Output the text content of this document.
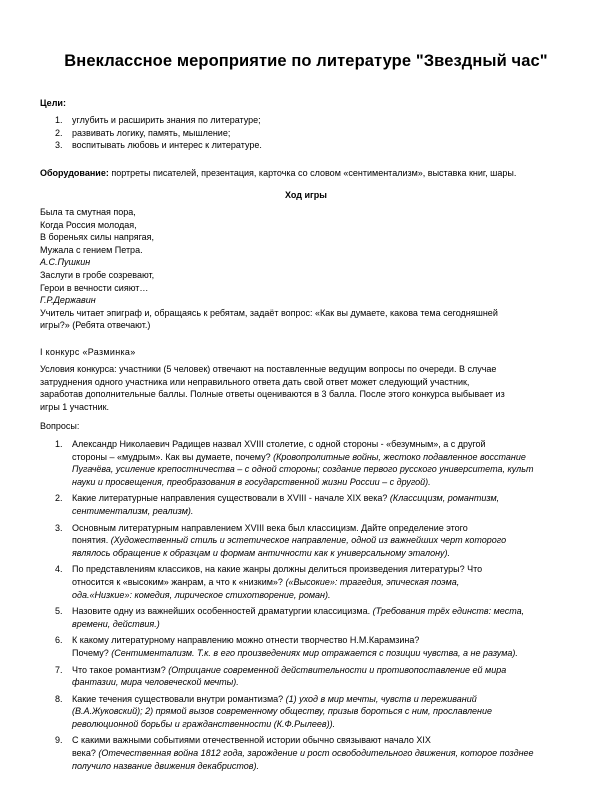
Внеклассное мероприятие по литературе "Звездный час"
Цели:
1. углубить и расширить знания по литературе;
2. развивать логику, память, мышление;
3. воспитывать любовь и интерес к литературе.
Оборудование: портреты писателей, презентация, карточка со словом «сентиментализм», выставка книг, шары.
Ход игры
Была та смутная пора,
Когда Россия молодая,
В бореньях силы напрягая,
Мужала с гением Петра.
А.С.Пушкин
Заслуги в гробе созревают,
Герои в вечности сияют…
Г.Р.Державин
Учитель читает эпиграф и, обращаясь к ребятам, задаёт вопрос: «Как вы думаете, какова тема сегодняшней
игры?» (Ребята отвечают.)
I конкурс «Разминка»
Условия конкурса: участники (5 человек) отвечают на поставленные ведущим вопросы по очереди. В случае
затруднения одного участника или неправильного ответа дать свой ответ может следующий участник,
заработав дополнительные баллы. Полные ответы оцениваются в 3 балла. После этого конкурса выбывает из
игры 1 участник.
Вопросы:
1. Александр Николаевич Радищев назвал XVIII столетие, с одной стороны - «безумным», а с другой
стороны – «мудрым». Как вы думаете, почему? (Кровопролитные войны, жестоко подавленное восстание
Пугачёва, усиление крепостничества – с одной стороны; создание первого русского университета, культ
науки и просвещения, преобразования в государственной жизни России – с другой).
2. Какие литературные направления существовали в XVIII - начале XIX века? (Классицизм, романтизм,
сентиментализм, реализм).
3. Основным литературным направлением XVIII века был классицизм. Дайте определение этого
понятия. (Художественный стиль и эстетическое направление, одной из важнейших черт которого
являлось обращение к образцам и формам античности как к универсальному эталону).
4. По представлениям классиков, на какие жанры должны делиться произведения литературы? Что
относится к «высоким» жанрам, а что к «низким»? («Высокие»: трагедия, эпическая поэма,
ода.«Низкие»: комедия, лирическое стихотворение, роман).
5. Назовите одну из важнейших особенностей драматургии классицизма. (Требования трёх единств: места,
времени, действия.)
6. К какому литературному направлению можно отнести творчество Н.М.Карамзина?
Почему? (Сентиментализм. Т.к. в его произведениях мир отражается с позиции чувства, а не разума).
7. Что такое романтизм? (Отрицание современной действительности и противопоставление ей мира
фантазии, мира человеческой мечты).
8. Какие течения существовали внутри романтизма? (1) уход в мир мечты, чувств и переживаний
(В.А.Жуковский); 2) прямой вызов современному обществу, призыв бороться с ним, прославление
революционной борьбы и гражданственности (К.Ф.Рылеев)).
9. С какими важными событиями отечественной истории обычно связывают начало XIX
века? (Отечественная война 1812 года, зарождение и рост освободительного движения, которое позднее
получило название движения декабристов).
